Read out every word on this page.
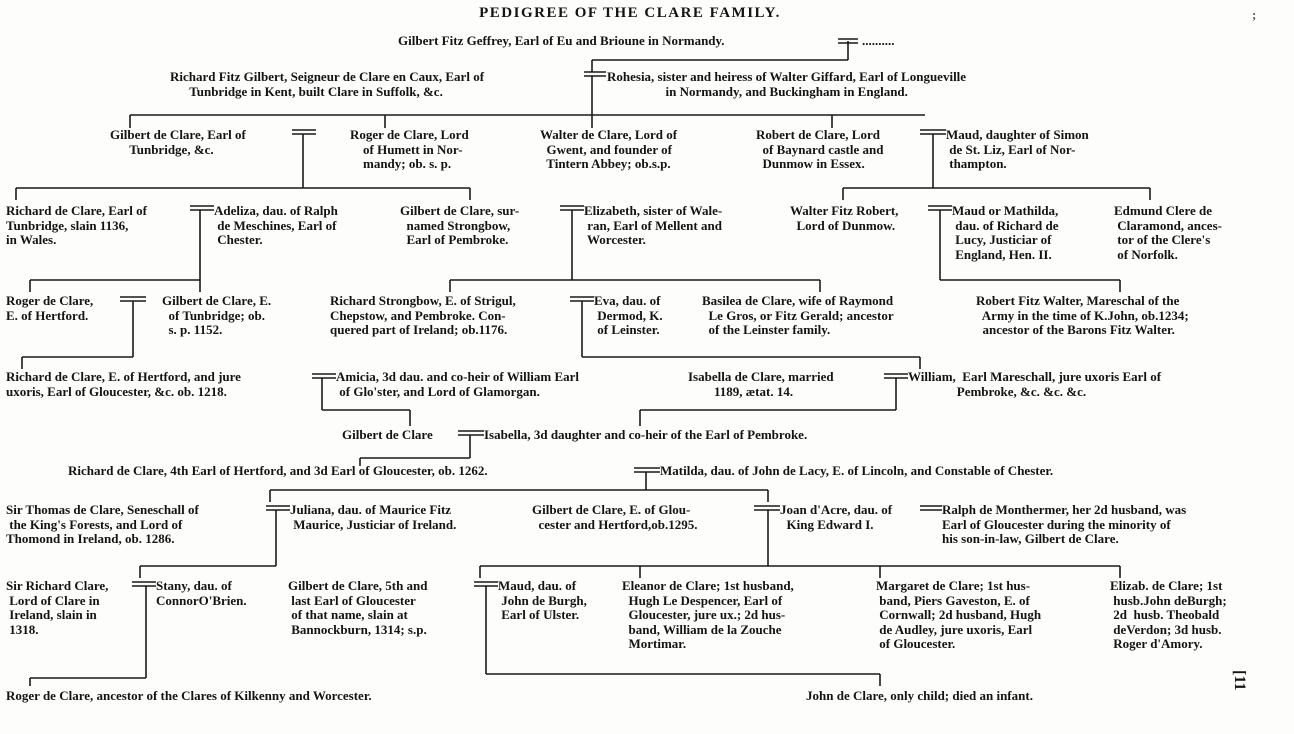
PEDIGREE OF THE CLARE FAMILY.	;
Gilbert Fitz Geffrey, Earl of Eu and Brioune in Normandy.	..........
Richard Fitz Gilbert, Seigneur de Clare en Caux, Earl of
Tunbridge in Kent, built Clare in Suffolk, &c.
Rohesia, sister and heiress of Walter Giffard, Earl of Longueville
in Normandy, and Buckingham in England.
Gilbert de Clare, Earl of
Tunbridge, &c.
Roger de Clare, Lord
of Humett in Nor-
mandy; ob. s. p.
Walter de Clare, Lord of
Gwent, and founder of
Tintern Abbey; ob.s.p.
Robert de Clare, Lord
of Baynard castle and
Dunmow in Essex.
Maud, daughter of Simon
de St. Liz, Earl of Nor-
thampton.
Richard de Clare, Earl of
Tunbridge, slain 1136,
in Wales.
Adeliza, dau. of Ralph
de Meschines, Earl of
Chester.
Gilbert de Clare, sur-
named Strongbow,
Earl of Pembroke.
Elizabeth, sister of Wale-
ran, Earl of Mellent and
Worcester.
Walter Fitz Robert,
Lord of Dunmow.
Maud or Mathilda,
dau. of Richard de
Lucy, Justiciar of
England, Hen. II.
Edmund Clere de
Claramond, ances-
tor of the Clere's
of Norfolk.
Roger de Clare,
E. of Hertford.
Gilbert de Clare, E.
of Tunbridge; ob.
s. p. 1152.
Richard Strongbow, E. of Strigul,
Chepstow, and Pembroke. Con-
quered part of Ireland; ob.1176.
Eva, dau. of
Dermod, K.
of Leinster.
Basilea de Clare, wife of Raymond
Le Gros, or Fitz Gerald; ancestor
of the Leinster family.
Robert Fitz Walter, Mareschal of the
Army in the time of K.John, ob.1234;
ancestor of the Barons Fitz Walter.
Richard de Clare, E. of Hertford, and jure
uxoris, Earl of Gloucester, &c. ob. 1218.
Amicia, 3d dau. and co-heir of William Earl
of Glo'ster, and Lord of Glamorgan.
Isabella de Clare, married
1189, ætat. 14.
William,  Earl Mareschall, jure uxoris Earl of
Pembroke, &c. &c. &c.
Gilbert de Clare	Isabella, 3d daughter and co-heir of the Earl of Pembroke.
Richard de Clare, 4th Earl of Hertford, and 3d Earl of Gloucester, ob. 1262.	Matilda, dau. of John de Lacy, E. of Lincoln, and Constable of Chester.
Sir Thomas de Clare, Seneschall of
the King's Forests, and Lord of
Thomond in Ireland, ob. 1286.
Juliana, dau. of Maurice Fitz
Maurice, Justiciar of Ireland.
Gilbert de Clare, E. of Glou-
cester and Hertford,ob.1295.
Joan d'Acre, dau. of
King Edward I.
Ralph de Monthermer, her 2d husband, was
Earl of Gloucester during the minority of
his son-in-law, Gilbert de Clare.
Sir Richard Clare,
Lord of Clare in
Ireland, slain in
1318.
Stany, dau. of
ConnorO'Brien.
Gilbert de Clare, 5th and
last Earl of Gloucester
of that name, slain at
Bannockburn, 1314; s.p.
Maud, dau. of
John de Burgh,
Earl of Ulster.
Eleanor de Clare; 1st husband,
Hugh Le Despencer, Earl of
Gloucester, jure ux.; 2d hus-
band, William de la Zouche
Mortimar.
Margaret de Clare; 1st hus-
band, Piers Gaveston, E. of
Cornwall; 2d husband, Hugh
de Audley, jure uxoris, Earl
of Gloucester.
Elizab. de Clare; 1st
husb.John deBurgh;
2d  husb. Theobald
deVerdon; 3d husb.
Roger d'Amory.
Roger de Clare, ancestor of the Clares of Kilkenny and Worcester.	John de Clare, only child; died an infant.
[11
